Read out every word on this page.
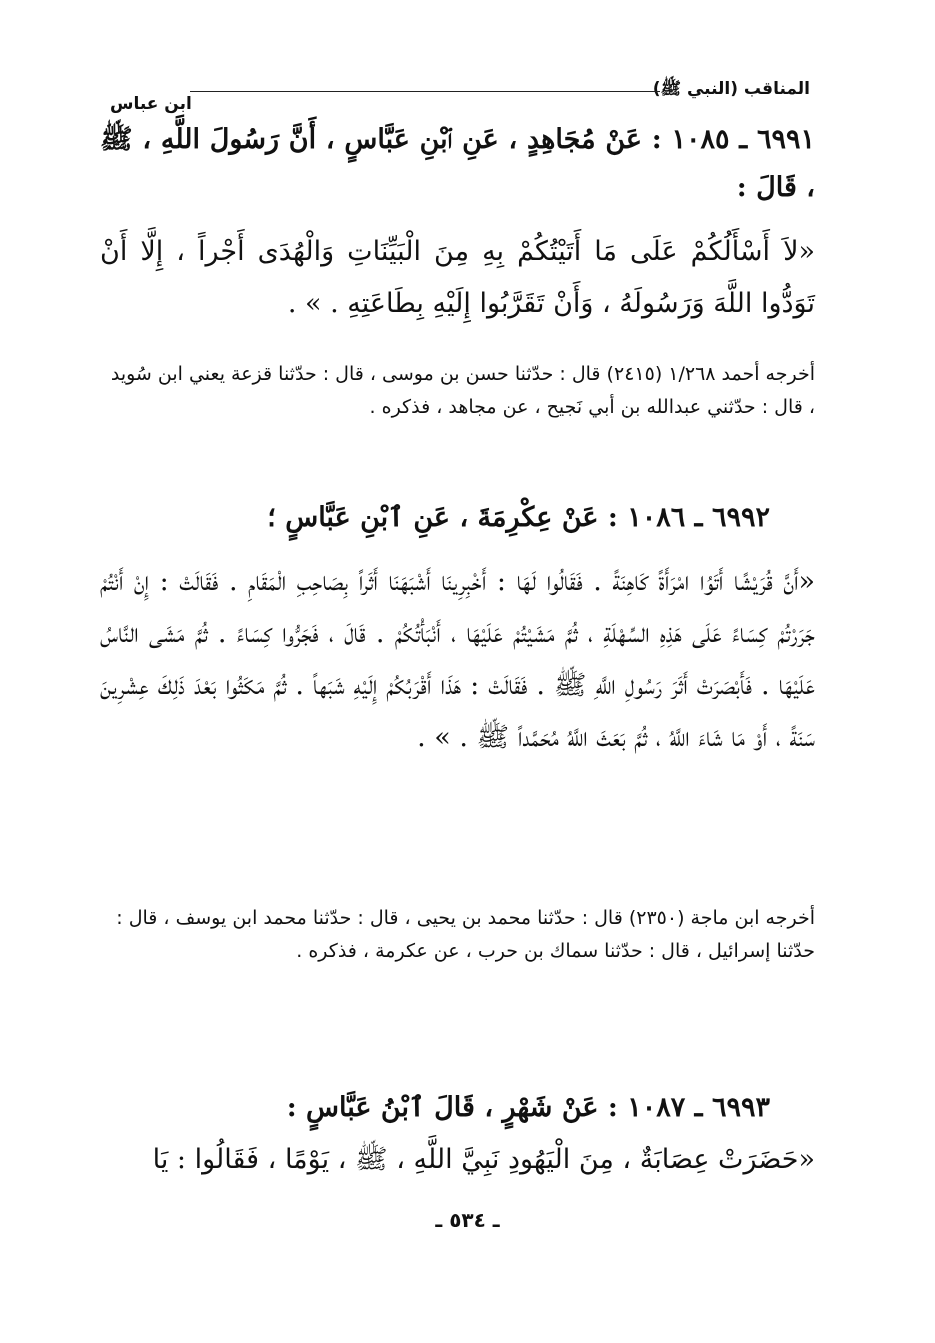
المناقب (النبي ﷺ)
ابن عباس

٦٩٩١ ـ ١٠٨٥ : عَنْ مُجَاهِدٍ ، عَنِ ٱبْنِ عَبَّاسٍ ، أَنَّ رَسُولَ اللَّهِ ، ﷺ ، قَالَ :

«لاَ أَسْأَلُكُمْ عَلَى مَا أَتَيْتُكُمْ بِهِ مِنَ الْبَيِّنَاتِ وَالْهُدَى أَجْراً ، إِلَّا أَنْ تَوَدُّوا اللَّهَ وَرَسُولَهُ ، وَأَنْ تَقَرَّبُوا إِلَيْهِ بِطَاعَتِهِ . » .

أخرجه أحمد ١/٢٦٨ (٢٤١٥) قال : حدّثنا حسن بن موسى ، قال : حدّثنا قزعة يعني ابن سُويد ، قال : حدّثني عبدالله بن أبي نَجيح ، عن مجاهد ، فذكره .

٦٩٩٢ ـ ١٠٨٦ : عَنْ عِكْرِمَةَ ، عَنِ ٱبْنِ عَبَّاسٍ ؛

«أَنَّ قُرَيْشًا أَتَوُا امْرَأَةً كَاهِنَةً . فَقَالُوا لَهَا : أَخْبِرِينَا أَشْبَهَنَا أَثَراً بِصَاحِبِ الْمَقَامِ . فَقَالَتْ : إِنْ أَنْتُمْ جَرَرْتُمْ كِسَاءً عَلَى هَذِهِ السِّهْلَةِ ، ثُمَّ مَشَيْتُمْ عَلَيْهَا ، أَنْبَأْتُكُمْ . قَالَ ، فَجَرُّوا كِسَاءً . ثُمَّ مَشَى النَّاسُ عَلَيْهَا . فَأَبْصَرَتْ أَثَرَ رَسُولِ اللَّهِ ﷺ . فَقَالَتْ : هَذَا أَقْرَبُكُمْ إِلَيْهِ شَبَهاً . ثُمَّ مَكَثُوا بَعْدَ ذَلِكَ عِشْرِينَ سَنَةً ، أَوْ مَا شَاءَ اللَّهُ ، ثُمَّ بَعَثَ اللَّهُ مُحَمَّداً ﷺ . » .

أخرجه ابن ماجة (٢٣٥٠) قال : حدّثنا محمد بن يحيى ، قال : حدّثنا محمد ابن يوسف ، قال : حدّثنا إسرائيل ، قال : حدّثنا سماك بن حرب ، عن عكرمة ، فذكره .

٦٩٩٣ ـ ١٠٨٧ : عَنْ شَهْرٍ ، قَالَ ٱبْنُ عَبَّاسٍ :

«حَضَرَتْ عِصَابَةٌ ، مِنَ الْيَهُودِ نَبِيَّ اللَّهِ ، ﷺ ، يَوْمًا ، فَقَالُوا : يَا

ـ ٥٣٤ ـ
